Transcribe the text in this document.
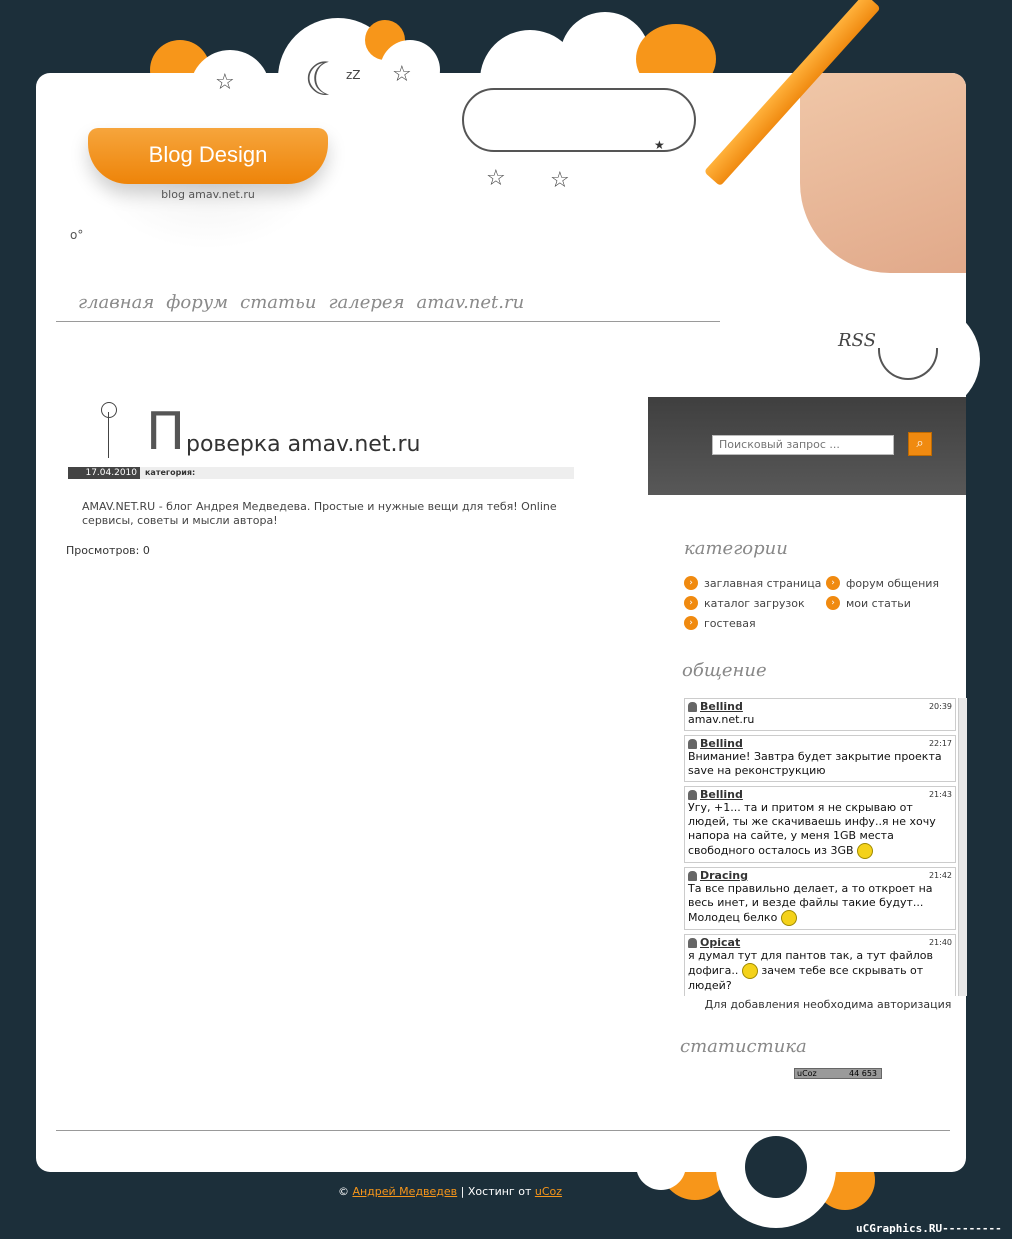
☆	☆
☾ zZ
☆ ☆
★
Blog Design
blog amav.net.ru
o°
главная форум статьи галерея amav.net.ru
RSS
Поисковый запрос ...
⌕
П роверка amav.net.ru
17.04.2010	категория:
AMAV.NET.RU - блог Андрея Медведева. Простые и нужные вещи для тебя! Online сервисы, советы и мысли автора!
Просмотров: 0	категории
›	заглавная страница	›	форум общения
›	каталог загрузок	›	мои статьи
›	гостевая
общение
Bellind	20:39
amav.net.ru
Bellind	22:17
Внимание! Завтра будет закрытие проекта save на реконструкцию
Bellind	21:43
Угу, +1... та и притом я не скрываю от людей, ты же скачиваешь инфу..я не хочу напора на сайте, у меня 1GB места свободного осталось из 3GB
Dracing	21:42
Та все правильно делает, а то откроет на весь инет, и везде файлы такие будут... Молодец белко
Opicat	21:40
я думал тут для пантов так, а тут файлов дофига.. зачем тебе все скрывать от людей?
Для добавления необходима авторизация
статистика
uCoz	44 653
© Андрей Медведев | Хостинг от uCoz
uCGraphics.RU---------
